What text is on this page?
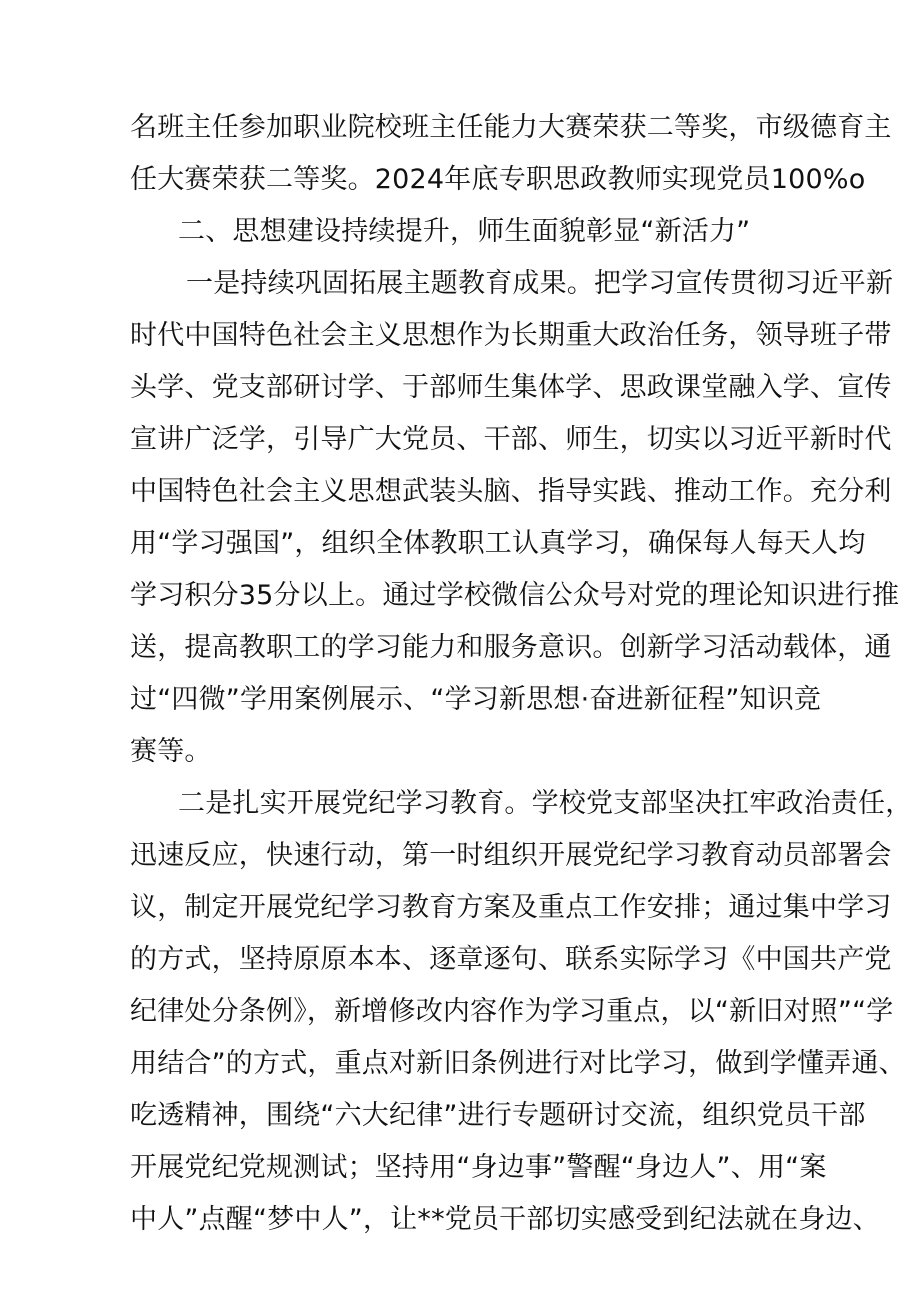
名班主任参加职业院校班主任能力大赛荣获二等奖，市级德育主
任大赛荣获二等奖。2024年底专职思政教师实现党员100%o
二、思想建设持续提升，师生面貌彰显“新活力”
一是持续巩固拓展主题教育成果。把学习宣传贯彻习近平新
时代中国特色社会主义思想作为长期重大政治任务，领导班子带
头学、党支部研讨学、于部师生集体学、思政课堂融入学、宣传
宣讲广泛学，引导广大党员、干部、师生，切实以习近平新时代
中国特色社会主义思想武装头脑、指导实践、推动工作。充分利
用“学习强国”，组织全体教职工认真学习，确保每人每天人均
学习积分35分以上。通过学校微信公众号对党的理论知识进行推
送，提高教职工的学习能力和服务意识。创新学习活动载体，通
过“四微”学用案例展示、“学习新思想·奋进新征程”知识竞
赛等。
二是扎实开展党纪学习教育。学校党支部坚决扛牢政治责任，
迅速反应，快速行动，第一时组织开展党纪学习教育动员部署会
议，制定开展党纪学习教育方案及重点工作安排；通过集中学习
的方式，坚持原原本本、逐章逐句、联系实际学习《中国共产党
纪律处分条例》，新增修改内容作为学习重点，以“新旧对照”“学
用结合”的方式，重点对新旧条例进行对比学习，做到学懂弄通、
吃透精神，围绕“六大纪律”进行专题研讨交流，组织党员干部
开展党纪党规测试；坚持用“身边事”警醒“身边人”、用“案
中人”点醒“梦中人”，让**党员干部切实感受到纪法就在身边、
